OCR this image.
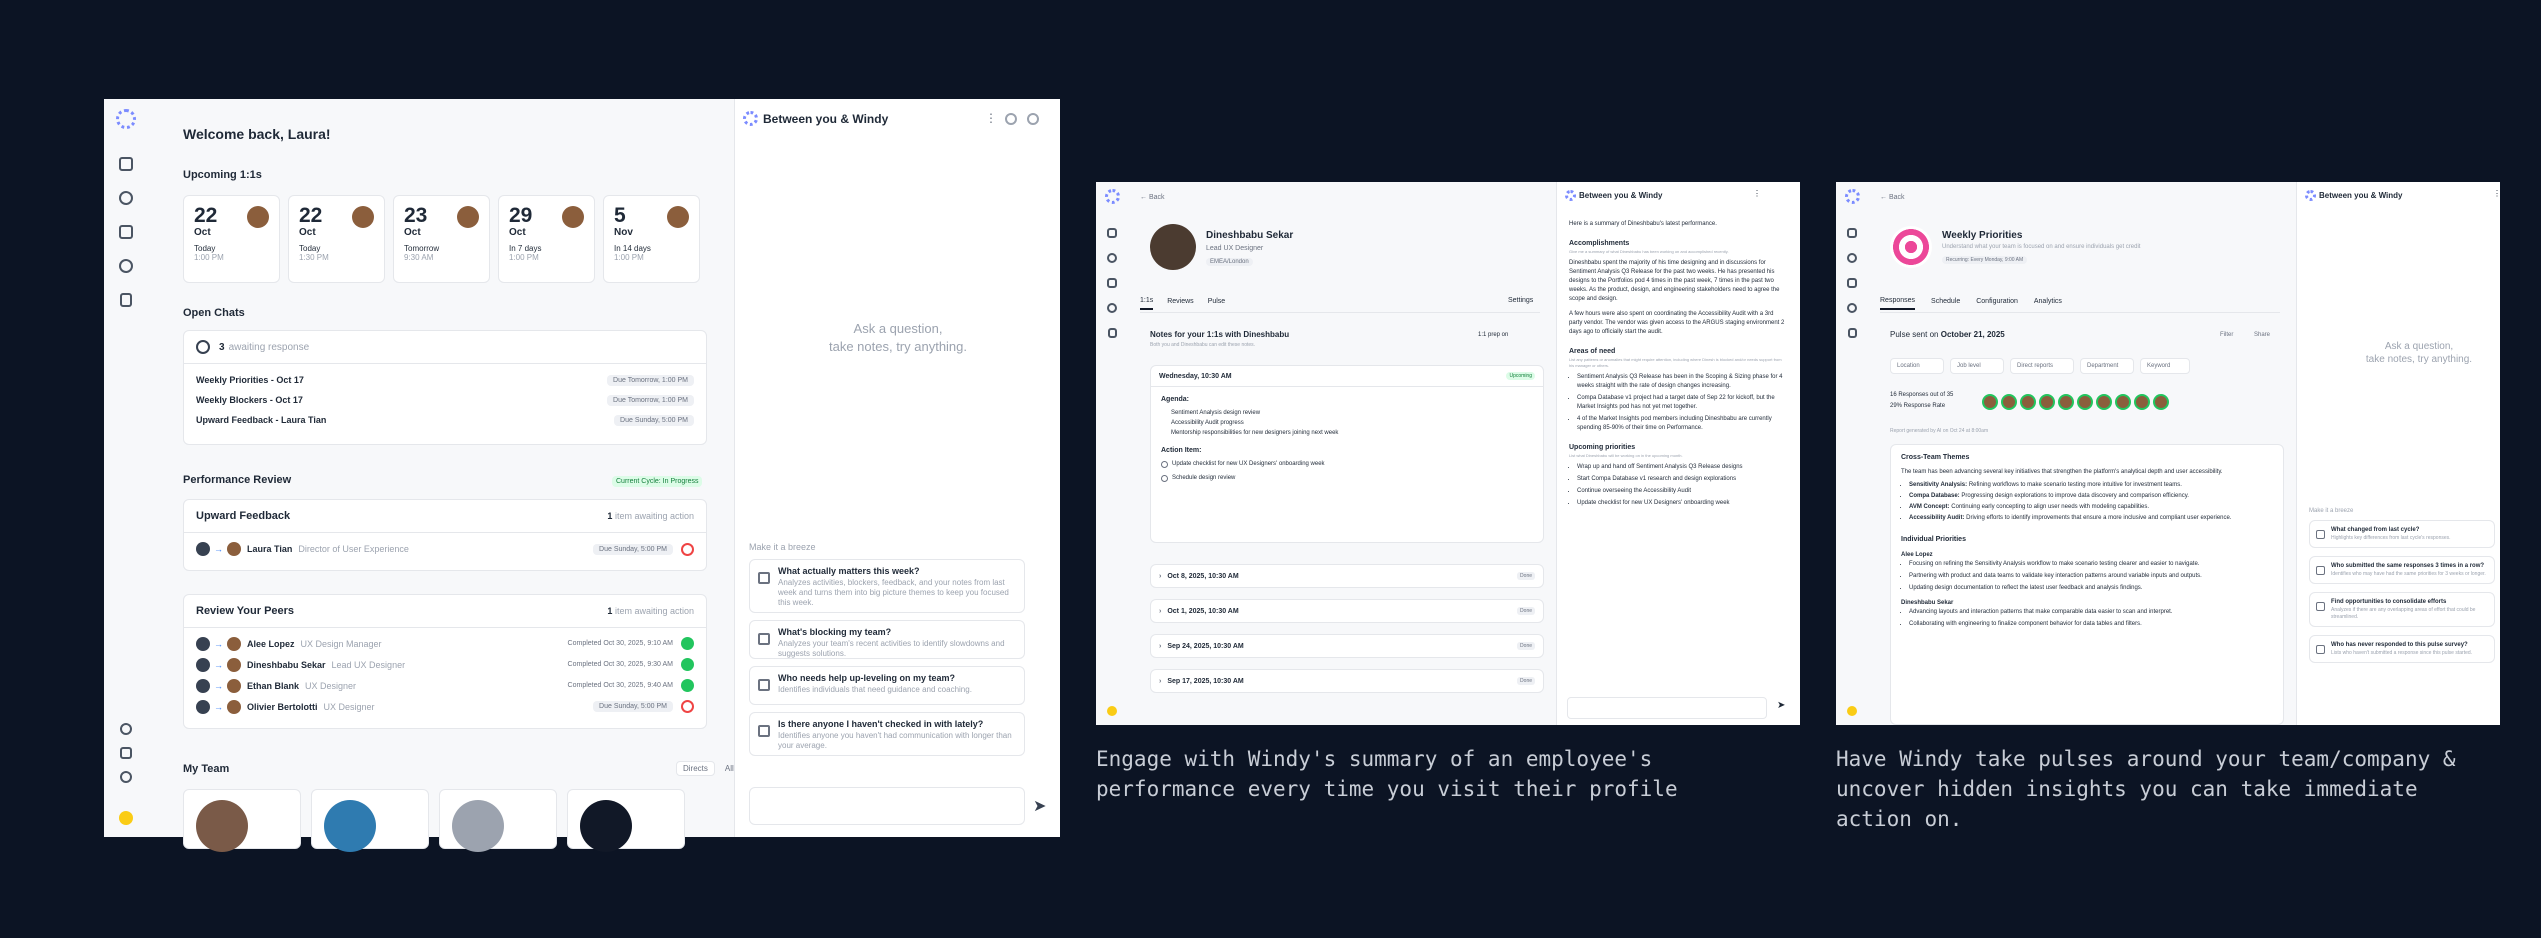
Welcome back, Laura!
Upcoming 1:1s
22
Oct
Today
1:00 PM
22
Oct
Today
1:30 PM
23
Oct
Tomorrow
9:30 AM
29
Oct
In 7 days
1:00 PM
5
Nov
In 14 days
1:00 PM
Open Chats
3 awaiting response
Weekly Priorities - Oct 17	Due Tomorrow, 1:00 PM
Weekly Blockers - Oct 17	Due Tomorrow, 1:00 PM
Upward Feedback - Laura Tian	Due Sunday, 5:00 PM
Performance Review	Current Cycle: In Progress
Upward Feedback	1 item awaiting action
→	Laura Tian Director of User Experience	Due Sunday, 5:00 PM
Review Your Peers	1 item awaiting action
→	Alee Lopez UX Design Manager	Completed Oct 30, 2025, 9:10 AM
→	Dineshbabu Sekar Lead UX Designer	Completed Oct 30, 2025, 9:30 AM
→	Ethan Blank UX Designer	Completed Oct 30, 2025, 9:40 AM
→	Olivier Bertolotti UX Designer	Due Sunday, 5:00 PM
My Team	Directs	All
Between you & Windy	⋮
Ask a question,
take notes, try anything.
Make it a breeze
What actually matters this week?
Analyzes activities, blockers, feedback, and your notes from last week and turns them into big picture themes to keep you focused this week.
What's blocking my team?
Analyzes your team's recent activities to identify slowdowns and suggests solutions.
Who needs help up-leveling on my team?
Identifies individuals that need guidance and coaching.
Is there anyone I haven't checked in with lately?
Identifies anyone you haven't had communication with longer than your average.
➤
← Back
Dineshbabu Sekar
Lead UX Designer
EMEA/London
1:1s Reviews Pulse	Settings
Notes for your 1:1s with Dineshbabu
Both you and Dineshbabu can edit these notes.
1:1 prep on
Wednesday, 10:30 AM	Upcoming
Agenda:
Sentiment Analysis design review
Accessibility Audit progress
Mentorship responsibilities for new designers joining next week
Action Item:
Update checklist for new UX Designers' onboarding week
Schedule design review
› Oct 8, 2025, 10:30 AM	Done
› Oct 1, 2025, 10:30 AM	Done
› Sep 24, 2025, 10:30 AM	Done
› Sep 17, 2025, 10:30 AM	Done
Between you & Windy	⋮
Here is a summary of Dineshbabu's latest performance.
Accomplishments
Give me a summary of what Dineshbabu has been working on and accomplished recently.
Dineshbabu spent the majority of his time designing and in discussions for Sentiment Analysis Q3 Release for the past two weeks. He has presented his designs to the Portfolios pod 4 times in the past week, 7 times in the past two weeks. As the product, design, and engineering stakeholders need to agree the scope and design.
A few hours were also spent on coordinating the Accessibility Audit with a 3rd party vendor. The vendor was given access to the ARGUS staging environment 2 days ago to officially start the audit.
Areas of need
List any patterns or anomalies that might require attention, including where Dinesh is blocked and/or needs support from his manager or others.
• Sentiment Analysis Q3 Release has been in the Scoping & Sizing phase for 4 weeks straight with the rate of design changes increasing.
• Compa Database v1 project had a target date of Sep 22 for kickoff, but the Market Insights pod has not yet met together.
• 4 of the Market Insights pod members including Dineshbabu are currently spending 85-90% of their time on Performance.
Upcoming priorities
List what Dineshbabu will be working on in the upcoming month.
• Wrap up and hand off Sentiment Analysis Q3 Release designs
• Start Compa Database v1 research and design explorations
• Continue overseeing the Accessibility Audit
• Update checklist for new UX Designers' onboarding week
➤
← Back
Weekly Priorities
Understand what your team is focused on and ensure individuals get credit
Recurring: Every Monday, 9:00 AM
Responses Schedule Configuration Analytics
Pulse sent on October 21, 2025	Filter	Share
Location	Job level	Direct reports	Department	Keyword
16 Responses out of 35
29% Response Rate
Report generated by AI on Oct 24 at 8:00am
Cross-Team Themes
The team has been advancing several key initiatives that strengthen the platform's analytical depth and user accessibility.
• Sensitivity Analysis: Refining workflows to make scenario testing more intuitive for investment teams.
• Compa Database: Progressing design explorations to improve data discovery and comparison efficiency.
• AVM Concept: Continuing early concepting to align user needs with modeling capabilities.
• Accessibility Audit: Driving efforts to identify improvements that ensure a more inclusive and compliant user experience.
Individual Priorities
Alee Lopez
• Focusing on refining the Sensitivity Analysis workflow to make scenario testing clearer and easier to navigate.
• Partnering with product and data teams to validate key interaction patterns around variable inputs and outputs.
• Updating design documentation to reflect the latest user feedback and analysis findings.
Dineshbabu Sekar
• Advancing layouts and interaction patterns that make comparable data easier to scan and interpret.
• Collaborating with engineering to finalize component behavior for data tables and filters.
Between you & Windy	⋮
Ask a question,
take notes, try anything.
Make it a breeze
What changed from last cycle?
Highlights key differences from last cycle's responses.
Who submitted the same responses 3 times in a row?
Identifies who may have had the same priorities for 3 weeks or longer.
Find opportunities to consolidate efforts
Analyzes if there are any overlapping areas of effort that could be streamlined.
Who has never responded to this pulse survey?
Lists who haven't submitted a response since this pulse started.
Engage with Windy's summary of an employee's performance every time you visit their profile
Have Windy take pulses around your team/company & uncover hidden insights you can take immediate action on.
